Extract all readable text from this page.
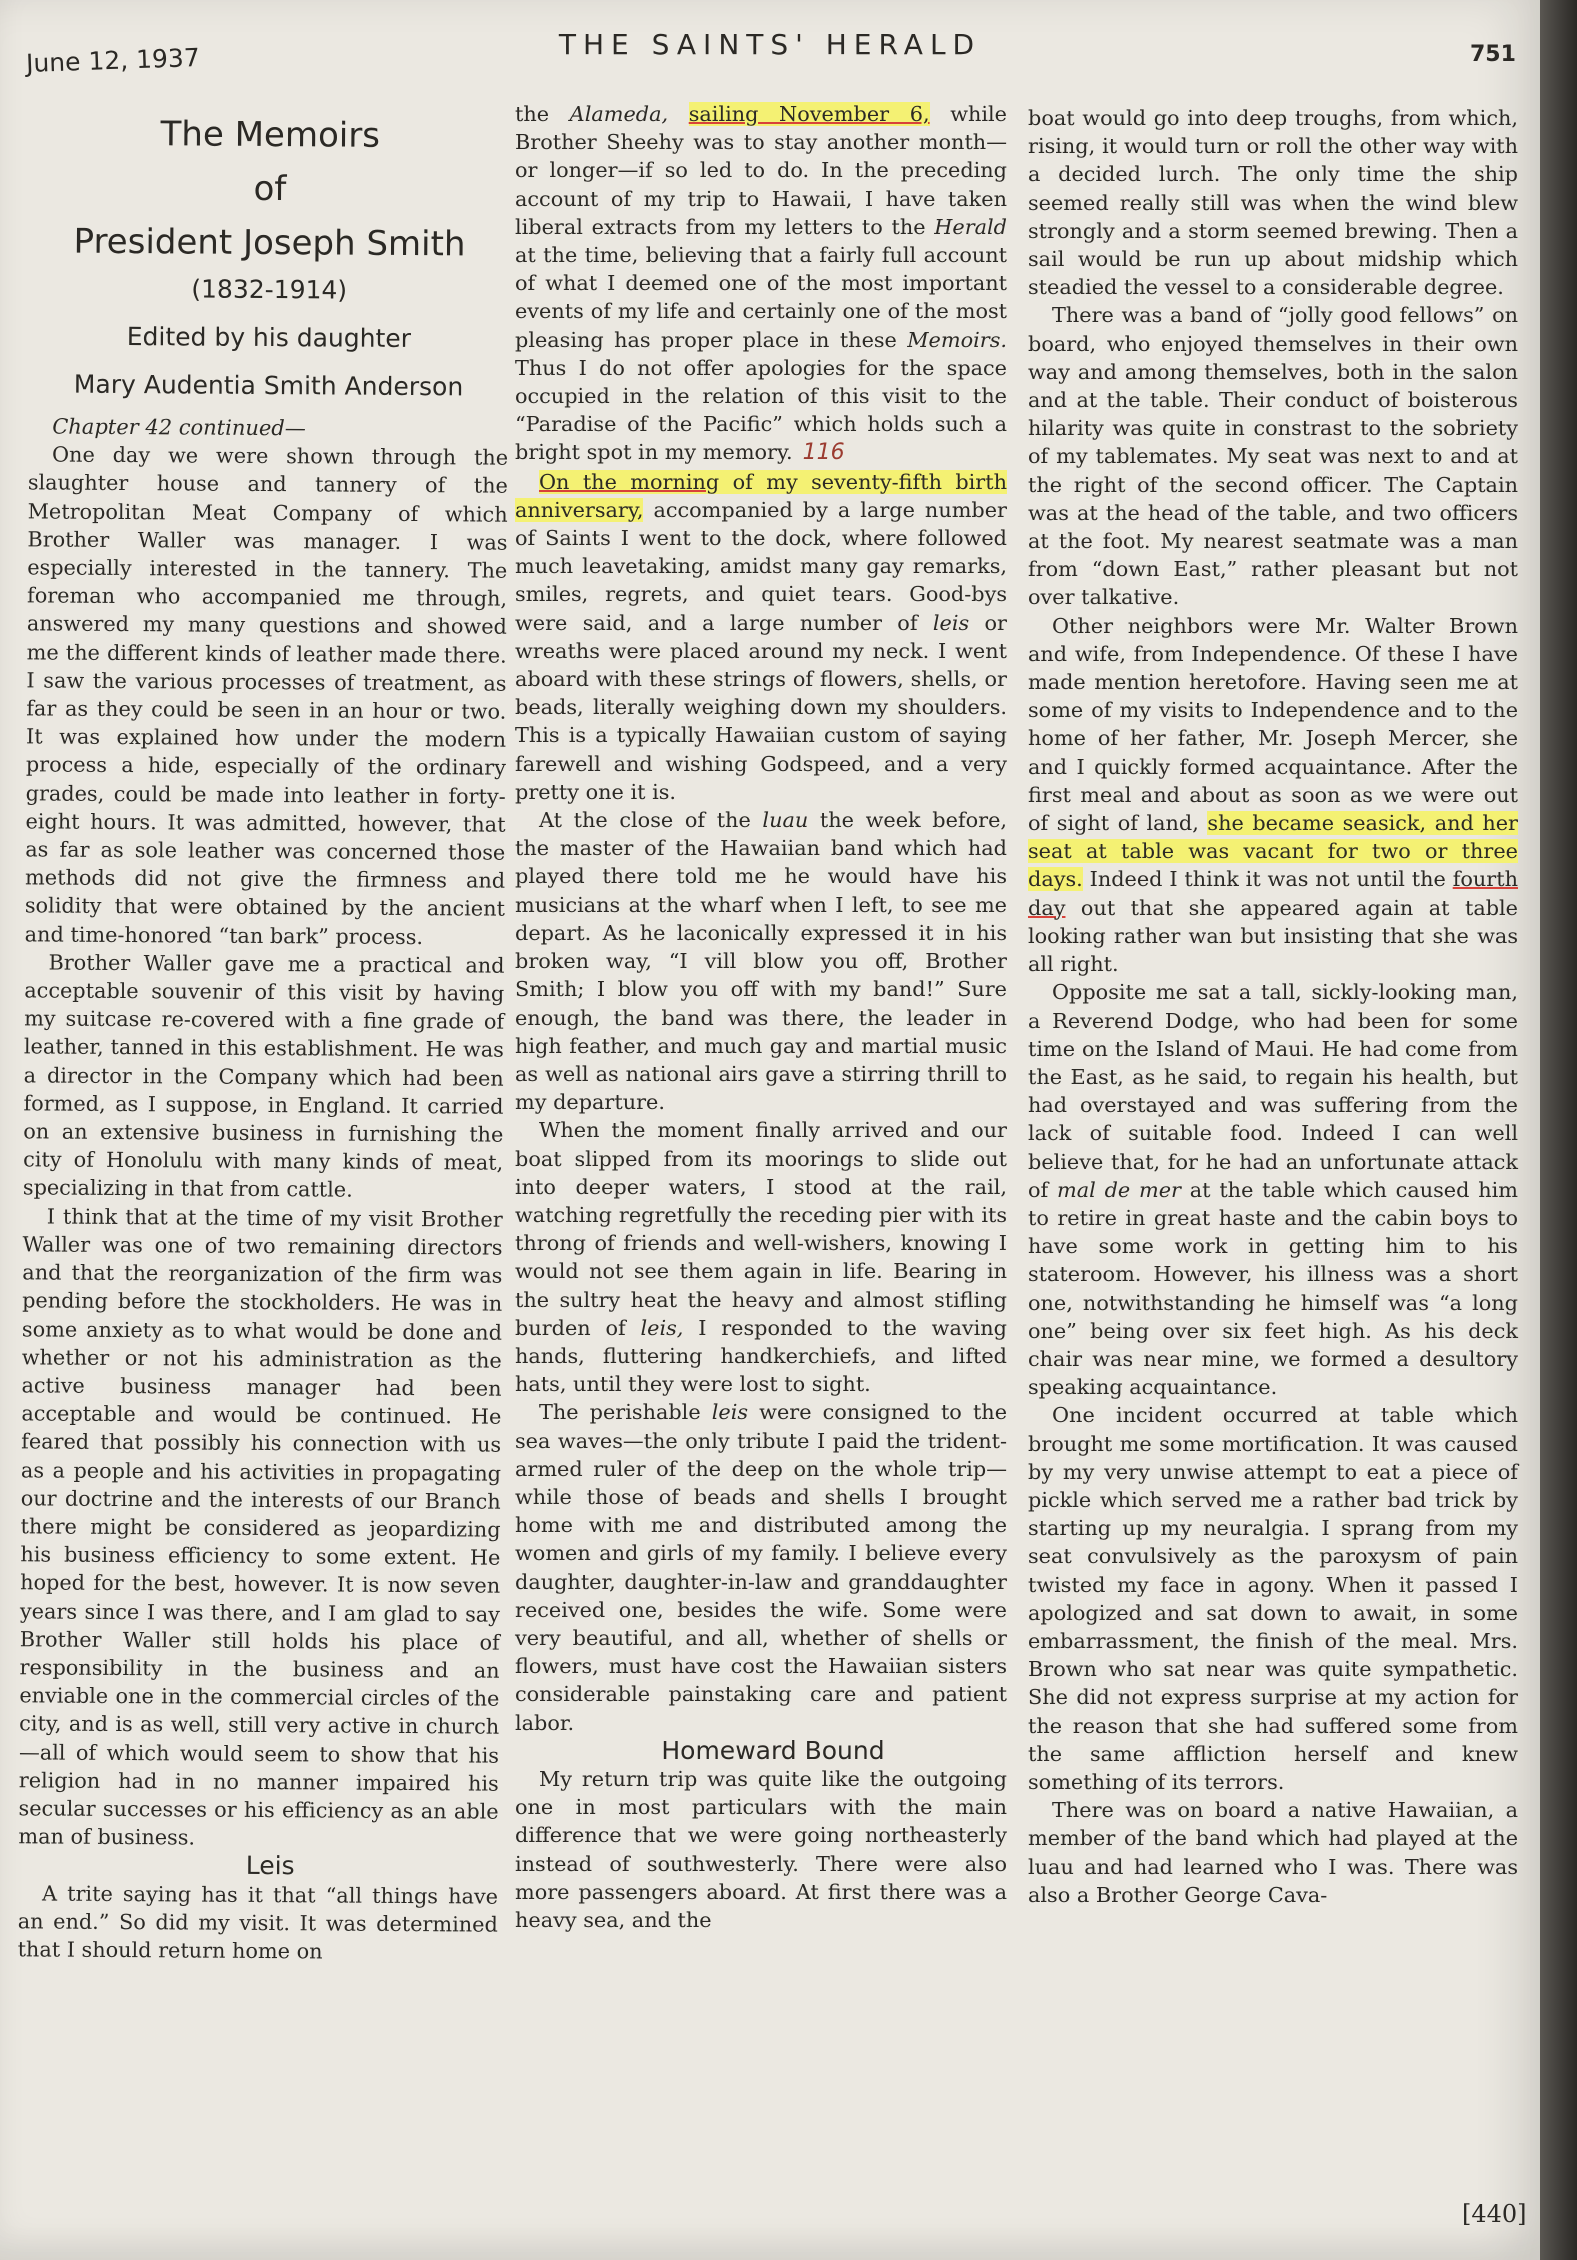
June 12, 1937	THE SAINTS' HERALD	751
The Memoirs
of
President Joseph Smith
(1832-1914)
Edited by his daughter
Mary Audentia Smith Anderson

Chapter 42 continued—

One day we were shown through the slaughter house and tannery of the Metropolitan Meat Company of which Brother Waller was manager. I was especially interested in the tannery. The foreman who accompanied me through, answered my many questions and showed me the different kinds of leather made there. I saw the various processes of treatment, as far as they could be seen in an hour or two. It was explained how under the modern process a hide, especially of the ordinary grades, could be made into leather in forty-eight hours. It was admitted, however, that as far as sole leather was concerned those methods did not give the firmness and solidity that were obtained by the ancient and time-honored “tan bark” process.

Brother Waller gave me a practical and acceptable souvenir of this visit by having my suitcase re-covered with a fine grade of leather, tanned in this establishment. He was a director in the Company which had been formed, as I suppose, in England. It carried on an extensive business in furnishing the city of Honolulu with many kinds of meat, specializing in that from cattle.

I think that at the time of my visit Brother Waller was one of two remaining directors and that the reorganization of the firm was pending before the stockholders. He was in some anxiety as to what would be done and whether or not his administration as the active business manager had been acceptable and would be continued. He feared that possibly his connection with us as a people and his activities in propagating our doctrine and the interests of our Branch there might be considered as jeopardizing his business efficiency to some extent. He hoped for the best, however. It is now seven years since I was there, and I am glad to say Brother Waller still holds his place of responsibility in the business and an enviable one in the commercial circles of the city, and is as well, still very active in church—all of which would seem to show that his religion had in no manner impaired his secular successes or his efficiency as an able man of business.

Leis

A trite saying has it that “all things have an end.” So did my visit. It was determined that I should return home on

the Alameda, sailing November 6, while Brother Sheehy was to stay another month—or longer—if so led to do. In the preceding account of my trip to Hawaii, I have taken liberal extracts from my letters to the Herald at the time, believing that a fairly full account of what I deemed one of the most important events of my life and certainly one of the most pleasing has proper place in these Memoirs. Thus I do not offer apologies for the space occupied in the relation of this visit to the “Paradise of the Pacific” which holds such a bright spot in my memory. 116

On the morning of my seventy-fifth birth anniversary, accompanied by a large number of Saints I went to the dock, where followed much leavetaking, amidst many gay remarks, smiles, regrets, and quiet tears. Good-bys were said, and a large number of leis or wreaths were placed around my neck. I went aboard with these strings of flowers, shells, or beads, literally weighing down my shoulders. This is a typically Hawaiian custom of saying farewell and wishing Godspeed, and a very pretty one it is.

At the close of the luau the week before, the master of the Hawaiian band which had played there told me he would have his musicians at the wharf when I left, to see me depart. As he laconically expressed it in his broken way, “I vill blow you off, Brother Smith; I blow you off with my band!” Sure enough, the band was there, the leader in high feather, and much gay and martial music as well as national airs gave a stirring thrill to my departure.

When the moment finally arrived and our boat slipped from its moorings to slide out into deeper waters, I stood at the rail, watching regretfully the receding pier with its throng of friends and well-wishers, knowing I would not see them again in life. Bearing in the sultry heat the heavy and almost stifling burden of leis, I responded to the waving hands, fluttering handkerchiefs, and lifted hats, until they were lost to sight.

The perishable leis were consigned to the sea waves—the only tribute I paid the trident-armed ruler of the deep on the whole trip—while those of beads and shells I brought home with me and distributed among the women and girls of my family. I believe every daughter, daughter-in-law and granddaughter received one, besides the wife. Some were very beautiful, and all, whether of shells or flowers, must have cost the Hawaiian sisters considerable painstaking care and patient labor.

Homeward Bound

My return trip was quite like the outgoing one in most particulars with the main difference that we were going northeasterly instead of southwesterly. There were also more passengers aboard. At first there was a heavy sea, and the

boat would go into deep troughs, from which, rising, it would turn or roll the other way with a decided lurch. The only time the ship seemed really still was when the wind blew strongly and a storm seemed brewing. Then a sail would be run up about midship which steadied the vessel to a considerable degree.

There was a band of “jolly good fellows” on board, who enjoyed themselves in their own way and among themselves, both in the salon and at the table. Their conduct of boisterous hilarity was quite in constrast to the sobriety of my tablemates. My seat was next to and at the right of the second officer. The Captain was at the head of the table, and two officers at the foot. My nearest seatmate was a man from “down East,” rather pleasant but not over talkative.

Other neighbors were Mr. Walter Brown and wife, from Independence. Of these I have made mention heretofore. Having seen me at some of my visits to Independence and to the home of her father, Mr. Joseph Mercer, she and I quickly formed acquaintance. After the first meal and about as soon as we were out of sight of land, she became seasick, and her seat at table was vacant for two or three days. Indeed I think it was not until the fourth day out that she appeared again at table looking rather wan but insisting that she was all right.

Opposite me sat a tall, sickly-looking man, a Reverend Dodge, who had been for some time on the Island of Maui. He had come from the East, as he said, to regain his health, but had overstayed and was suffering from the lack of suitable food. Indeed I can well believe that, for he had an unfortunate attack of mal de mer at the table which caused him to retire in great haste and the cabin boys to have some work in getting him to his stateroom. However, his illness was a short one, notwithstanding he himself was “a long one” being over six feet high. As his deck chair was near mine, we formed a desultory speaking acquaintance.

One incident occurred at table which brought me some mortification. It was caused by my very unwise attempt to eat a piece of pickle which served me a rather bad trick by starting up my neuralgia. I sprang from my seat convulsively as the paroxysm of pain twisted my face in agony. When it passed I apologized and sat down to await, in some embarrassment, the finish of the meal. Mrs. Brown who sat near was quite sympathetic. She did not express surprise at my action for the reason that she had suffered some from the same affliction herself and knew something of its terrors.

There was on board a native Hawaiian, a member of the band which had played at the luau and had learned who I was. There was also a Brother George Cava-

[440]
